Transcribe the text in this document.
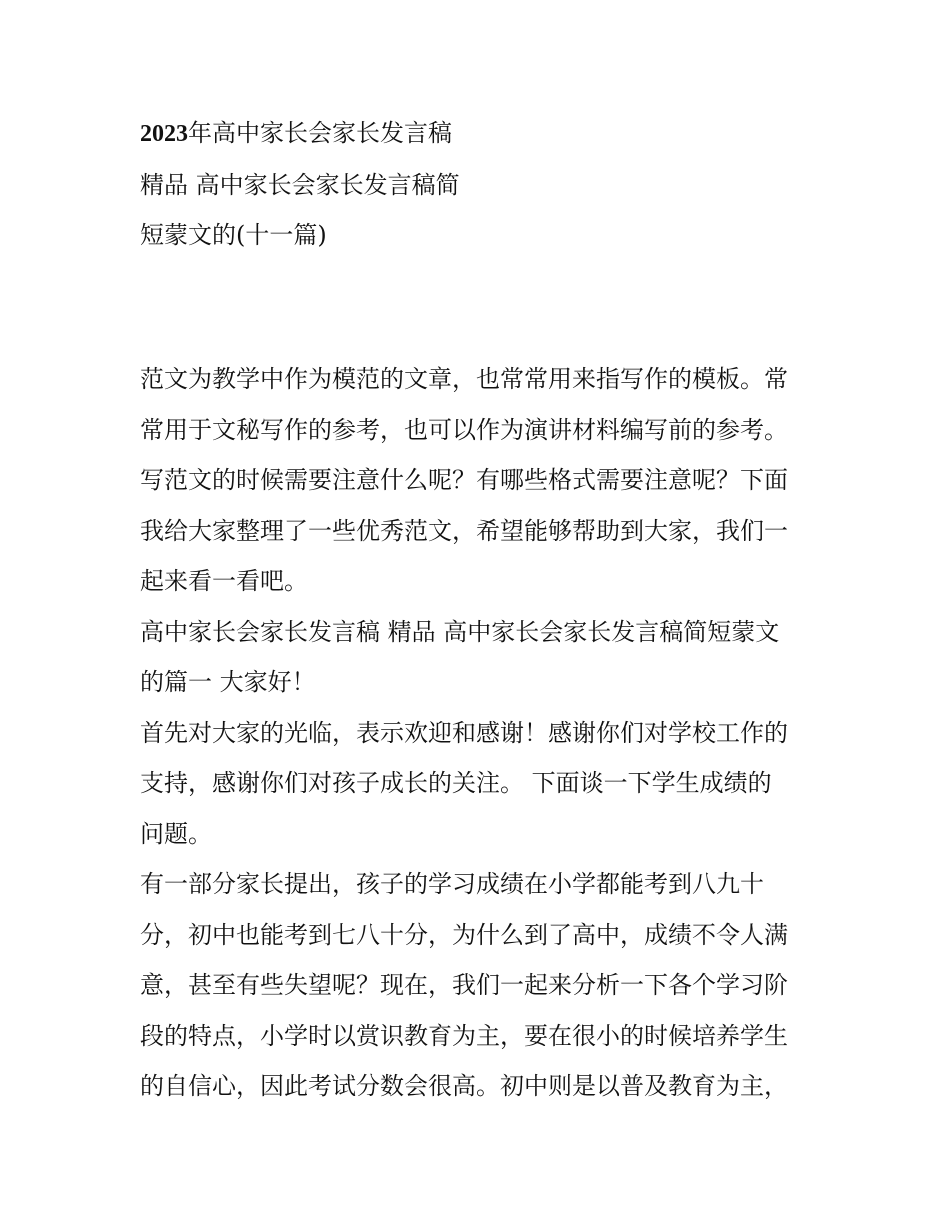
2023年高中家长会家长发言稿
精品 高中家长会家长发言稿简
短蒙文的(十一篇)
范文为教学中作为模范的文章，也常常用来指写作的模板。常
常用于文秘写作的参考，也可以作为演讲材料编写前的参考。
写范文的时候需要注意什么呢？有哪些格式需要注意呢？下面
我给大家整理了一些优秀范文，希望能够帮助到大家，我们一
起来看一看吧。
高中家长会家长发言稿 精品 高中家长会家长发言稿简短蒙文
的篇一 大家好！
首先对大家的光临，表示欢迎和感谢！感谢你们对学校工作的
支持，感谢你们对孩子成长的关注。 下面谈一下学生成绩的
问题。
有一部分家长提出，孩子的学习成绩在小学都能考到八九十
分，初中也能考到七八十分，为什么到了高中，成绩不令人满
意，甚至有些失望呢？现在，我们一起来分析一下各个学习阶
段的特点，小学时以赏识教育为主，要在很小的时候培养学生
的自信心，因此考试分数会很高。初中则是以普及教育为主，
